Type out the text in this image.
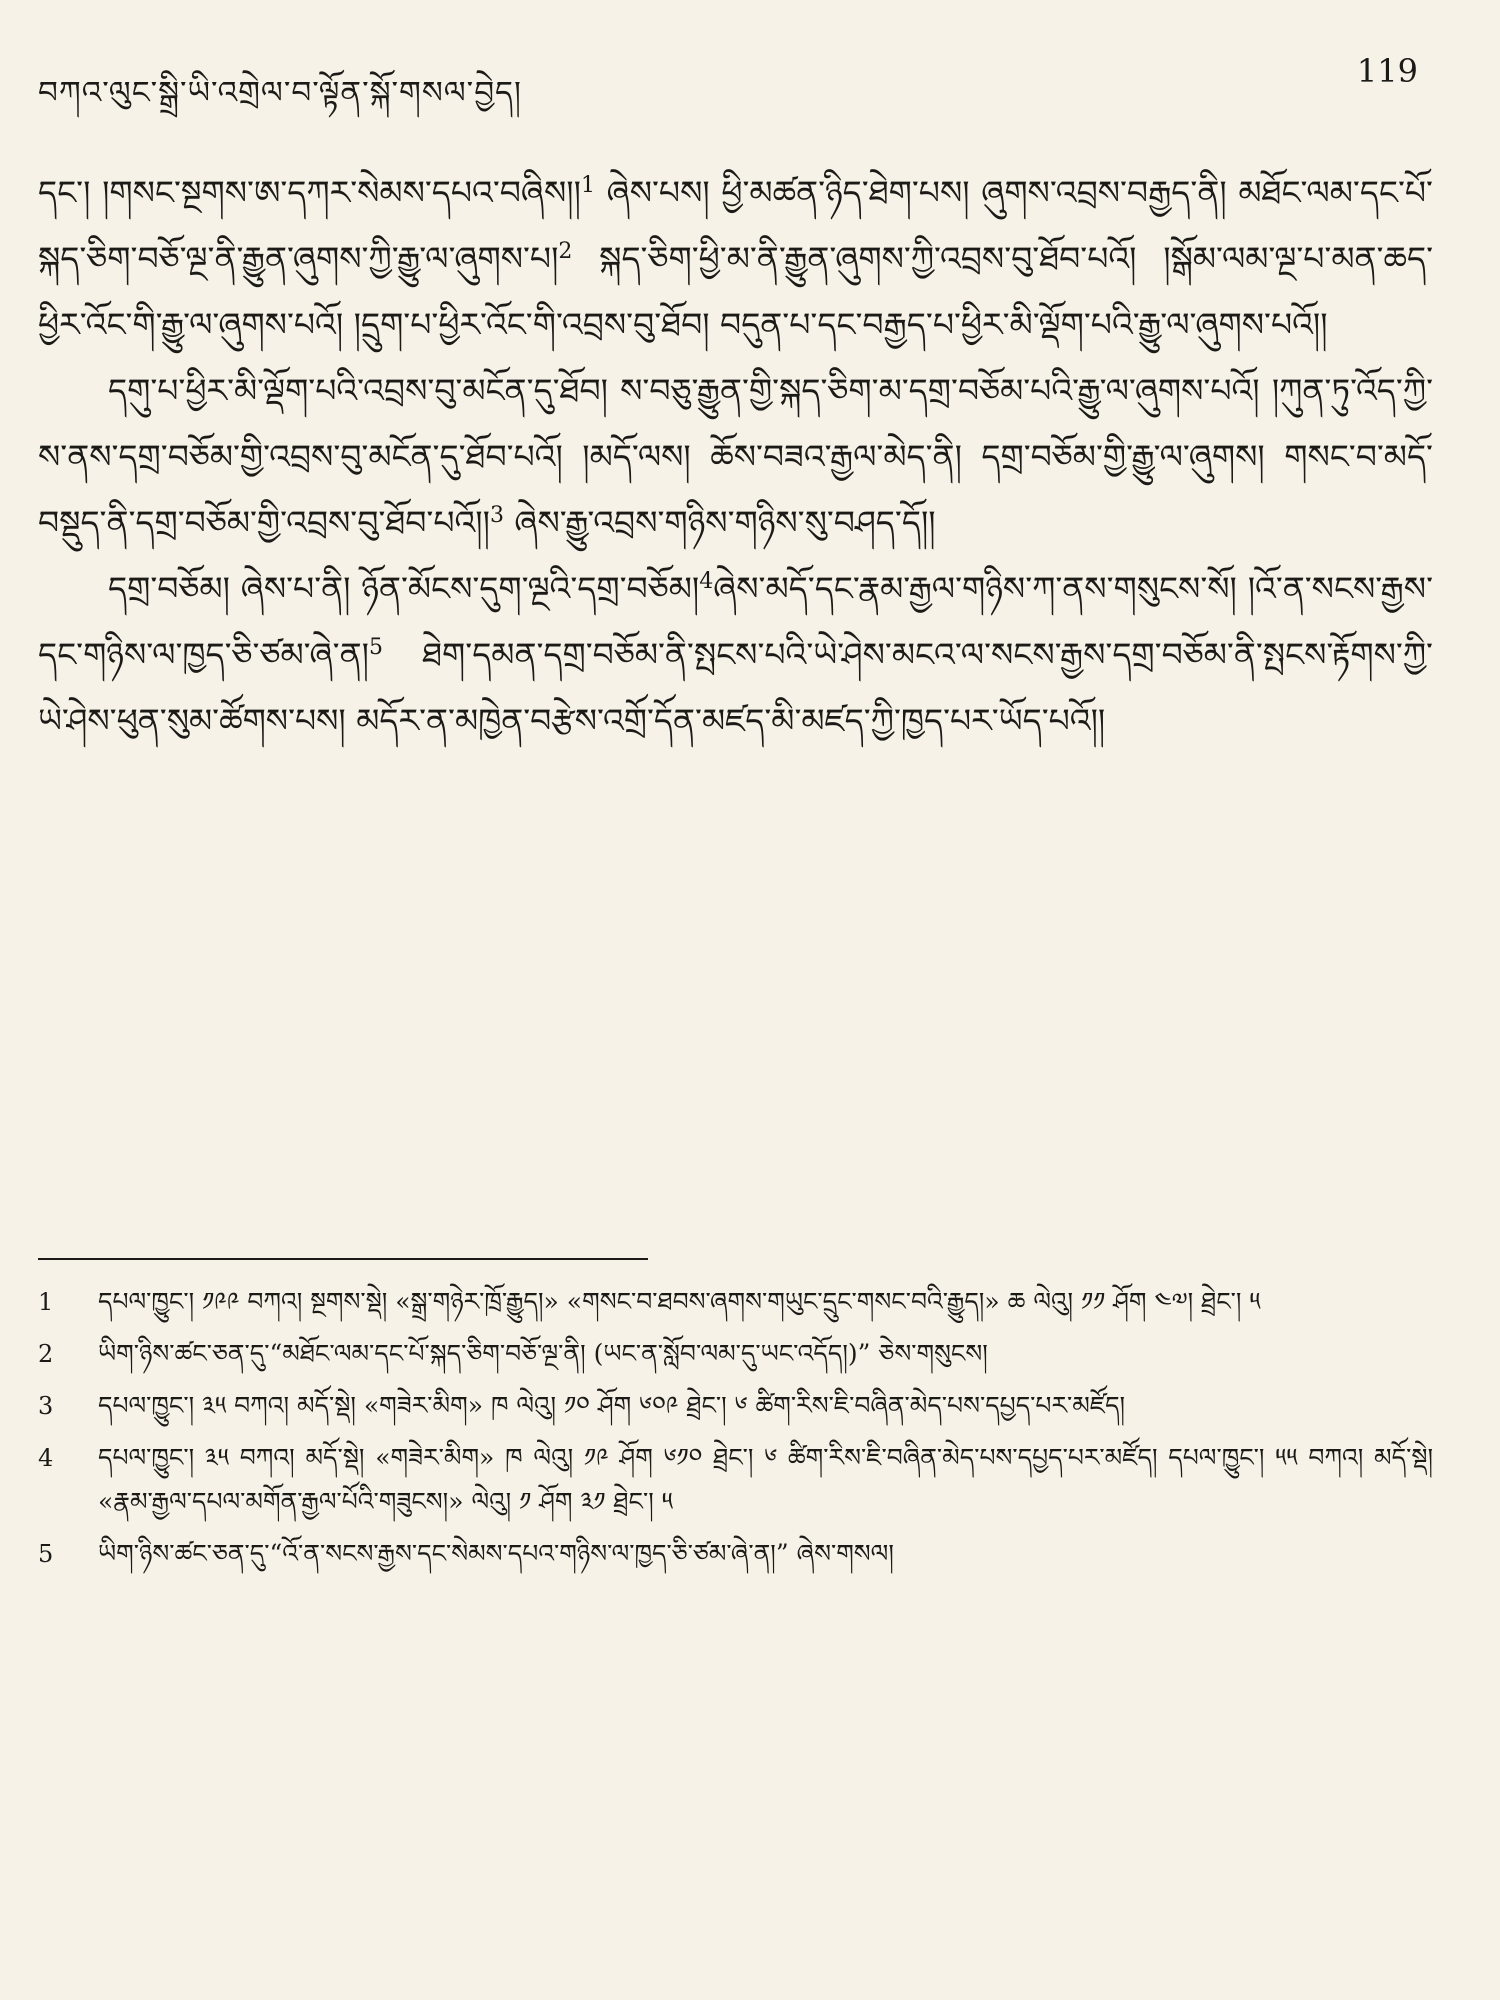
བཀའ་ལུང་སྒྲི་ཡི་འགྲེལ་བ་ལྟོན་སྐོ་གསལ་བྱེད།
119

དང་། །གསང་སྔགས་ཨ་དཀར་སེམས་དཔའ་བཞིས།།$^1$ ཞེས་པས། ཕྱི་མཚན་ཉིད་ཐེག་པས། ཞུགས་འབྲས་བརྒྱད་ནི། མཐོང་ལམ་དང་པོ་སྐད་ཅིག་བཅོ་ལྔ་ནི་རྒྱུན་ཞུགས་ཀྱི་རྒྱུ་ལ་ཞུགས་པ།$^2$ སྐད་ཅིག་ཕྱི་མ་ནི་རྒྱུན་ཞུགས་ཀྱི་འབྲས་བུ་ཐོབ་པའོ། །སྒོམ་ལམ་ལྔ་པ་མན་ཆད་ཕྱིར་འོང་གི་རྒྱུ་ལ་ཞུགས་པའོ། །དྲུག་པ་ཕྱིར་འོང་གི་འབྲས་བུ་ཐོབ། བདུན་པ་དང་བརྒྱད་པ་ཕྱིར་མི་ལྡོག་པའི་རྒྱུ་ལ་ཞུགས་པའོ།།

དགུ་པ་ཕྱིར་མི་ལྡོག་པའི་འབྲས་བུ་མངོན་དུ་ཐོབ། ས་བཅུ་རྒྱུན་གྱི་སྐད་ཅིག་མ་དགྲ་བཅོམ་པའི་རྒྱུ་ལ་ཞུགས་པའོ། །ཀུན་ཏུ་འོད་ཀྱི་ས་ནས་དགྲ་བཅོམ་གྱི་འབྲས་བུ་མངོན་དུ་ཐོབ་པའོ། །མདོ་ལས། ཆོས་བཟའ་རྒྱལ་མེད་ནི། དགྲ་བཅོམ་གྱི་རྒྱུ་ལ་ཞུགས། གསང་བ་མདོ་བསྡུད་ནི་དགྲ་བཅོམ་གྱི་འབྲས་བུ་ཐོབ་པའོ།།$^3$ ཞེས་རྒྱུ་འབྲས་གཉིས་གཉིས་སུ་བཤད་དོ།།

དགྲ་བཅོམ། ཞེས་པ་ནི། ཉོན་མོངས་དུག་ལྔའི་དགྲ་བཅོམ།$^4$ཞེས་མདོ་དང་རྣམ་རྒྱལ་གཉིས་ཀ་ནས་གསུངས་སོ། །འོ་ན་སངས་རྒྱས་དང་གཉིས་ལ་ཁྱད་ཅི་ཙམ་ཞེ་ན།$^5$ ཐེག་དམན་དགྲ་བཅོམ་ནི་སྤངས་པའི་ཡེ་ཤེས་མངའ་ལ་སངས་རྒྱས་དགྲ་བཅོམ་ནི་སྤངས་རྟོགས་ཀྱི་ཡེ་ཤེས་ཕུན་སུམ་ཚོགས་པས། མདོར་ན་མཁྱེན་བརྩེས་འགྲོ་དོན་མཛད་མི་མཛད་ཀྱི་ཁྱད་པར་ཡོད་པའོ།།

1 དཔལ་ཁྱུང་། ༡༩༩ བཀའ། སྔགས་སྡེ། «སྒྲ་གཉེར་ཁྲོ་རྒྱུད།» «གསང་བ་ཐབས་ཞགས་གཡུང་དྲུང་གསང་བའི་རྒྱུད།» ཆ ལེའུ། ༡༡ ཤོག ༤༧། ཐྲེང་། ༥
2 ཡིག་ཉིས་ཚང་ཅན་དུ་“མཐོང་ལམ་དང་པོ་སྐད་ཅིག་བཅོ་ལྔ་ནི། (ཡང་ན་སློབ་ལམ་དུ་ཡང་འདོད།)” ཅེས་གསུངས།
3 དཔལ་ཁྱུང་། ༣༥ བཀའ། མདོ་སྡེ། «གཟེར་མིག» ཁ ལེའུ། ༡༠ ཤོག ༦༠༩ ཐྲེང་། ༦ ཚིག་རིས་ཇི་བཞིན་མེད་པས་དཔྱད་པར་མཛོད།
4 དཔལ་ཁྱུང་། ༣༥ བཀའ། མདོ་སྡེ། «གཟེར་མིག» ཁ ལེའུ། ༡༩ ཤོག ༦༡༠ ཐྲེང་། ༦ ཚིག་རིས་ཇི་བཞིན་མེད་པས་དཔྱད་པར་མཛོད། དཔལ་ཁྱུང་། ༥༥ བཀའ། མདོ་སྡེ། «རྣམ་རྒྱལ་དཔལ་མགོན་རྒྱལ་པོའི་གཟུངས།» ལེའུ། ༡ ཤོག ༣༡ ཐྲེང་། ༥
5 ཡིག་ཉིས་ཚང་ཅན་དུ་“འོ་ན་སངས་རྒྱས་དང་སེམས་དཔའ་གཉིས་ལ་ཁྱད་ཅི་ཙམ་ཞེ་ན།” ཞེས་གསལ།
